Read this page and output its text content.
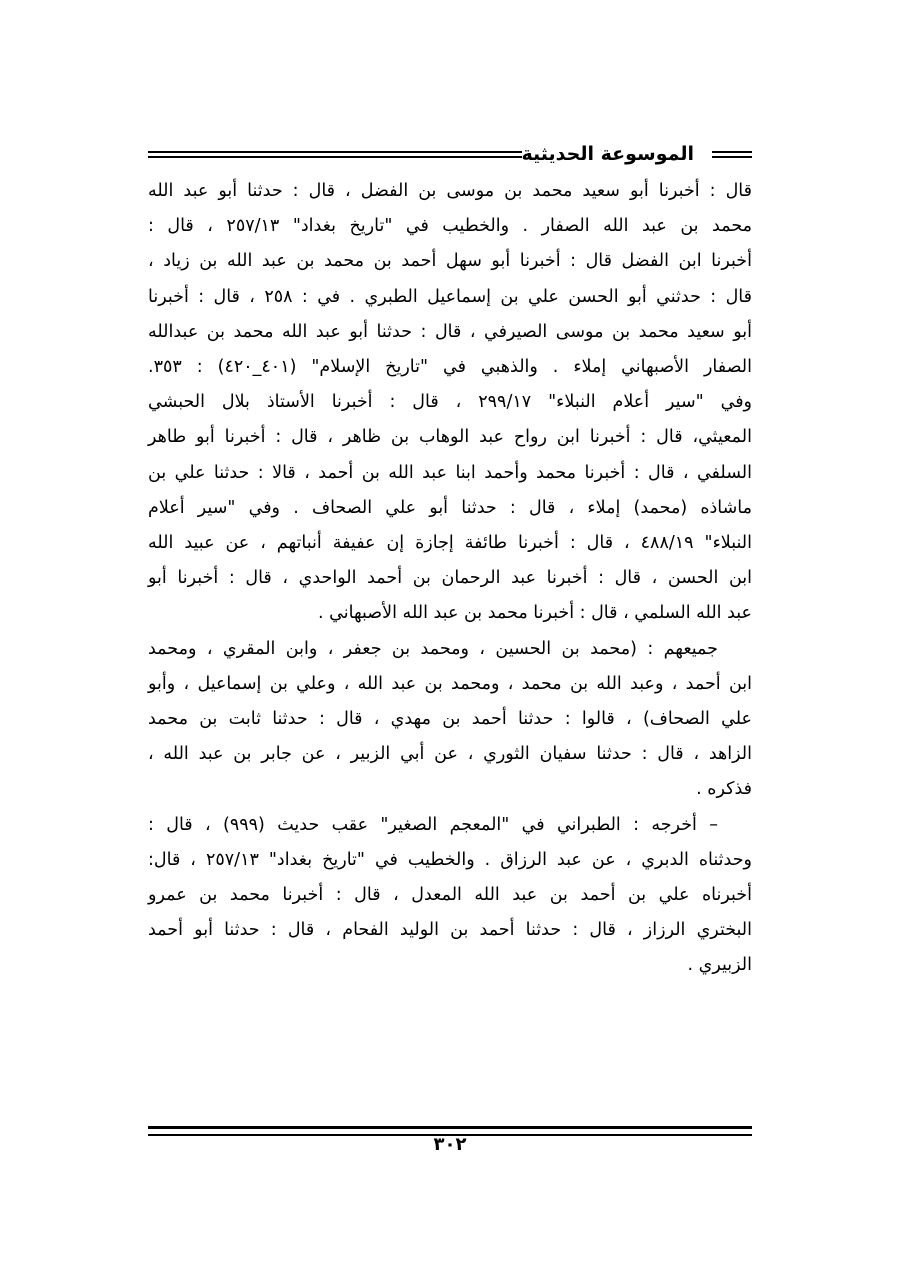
الموسوعة الحديثية
قال : أخبرنا أبو سعيد محمد بن موسى بن الفضل ، قال : حدثنا أبو عبد الله
محمد بن عبد الله الصفار . والخطيب في "تاريخ بغداد" ٢٥٧/١٣ ، قال :
أخبرنا ابن الفضل قال : أخبرنا أبو سهل أحمد بن محمد بن عبد الله بن زياد ،
قال : حدثني أبو الحسن علي بن إسماعيل الطبري . في : ٢٥٨ ، قال : أخبرنا
أبو سعيد محمد بن موسى الصيرفي ، قال : حدثنا أبو عبد الله محمد بن عبدالله
الصفار الأصبهاني إملاء . والذهبي في "تاريخ الإسلام" (٤٠١_٤٢٠) : ٣٥٣.
وفي "سير أعلام النبلاء" ٢٩٩/١٧ ، قال : أخبرنا الأستاذ بلال الحبشي
المعيثي، قال : أخبرنا ابن رواح عبد الوهاب بن ظاهر ، قال : أخبرنا أبو طاهر
السلفي ، قال : أخبرنا محمد وأحمد ابنا عبد الله بن أحمد ، قالا : حدثنا علي بن
ماشاذه (محمد) إملاء ، قال : حدثنا أبو علي الصحاف . وفي "سير أعلام
النبلاء" ٤٨٨/١٩ ، قال : أخبرنا طائفة إجازة إن عفيفة أنباتهم ، عن عبيد الله
ابن الحسن ، قال : أخبرنا عبد الرحمان بن أحمد الواحدي ، قال : أخبرنا أبو
عبد الله السلمي ، قال : أخبرنا محمد بن عبد الله الأصبهاني .
جميعهم : (محمد بن الحسين ، ومحمد بن جعفر ، وابن المقري ، ومحمد
ابن أحمد ، وعبد الله بن محمد ، ومحمد بن عبد الله ، وعلي بن إسماعيل ، وأبو
علي الصحاف) ، قالوا : حدثنا أحمد بن مهدي ، قال : حدثنا ثابت بن محمد
الزاهد ، قال : حدثنا سفيان الثوري ، عن أبي الزبير ، عن جابر بن عبد الله ،
فذكره .
– أخرجه : الطبراني في "المعجم الصغير" عقب حديث (٩٩٩) ، قال :
وحدثناه الدبري ، عن عبد الرزاق . والخطيب في "تاريخ بغداد" ٢٥٧/١٣ ، قال:
أخبرناه علي بن أحمد بن عبد الله المعدل ، قال : أخبرنا محمد بن عمرو
البختري الرزاز ، قال : حدثنا أحمد بن الوليد الفحام ، قال : حدثنا أبو أحمد
الزبيري .
٣٠٢
